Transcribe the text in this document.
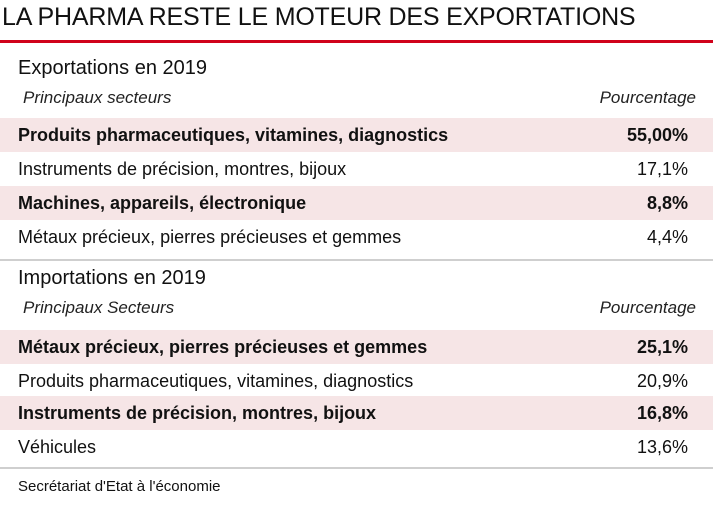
LA PHARMA RESTE LE MOTEUR DES EXPORTATIONS
Exportations en 2019
Principaux secteurs	Pourcentage
Produits pharmaceutiques, vitamines, diagnostics	55,00%
Instruments de précision, montres, bijoux	17,1%
Machines, appareils, électronique	8,8%
Métaux précieux, pierres précieuses et gemmes	4,4%
Importations en 2019
Principaux Secteurs	Pourcentage
Métaux précieux, pierres précieuses et gemmes	25,1%
Produits pharmaceutiques, vitamines, diagnostics	20,9%
Instruments de précision, montres, bijoux	16,8%
Véhicules	13,6%
Secrétariat d'Etat à l'économie
